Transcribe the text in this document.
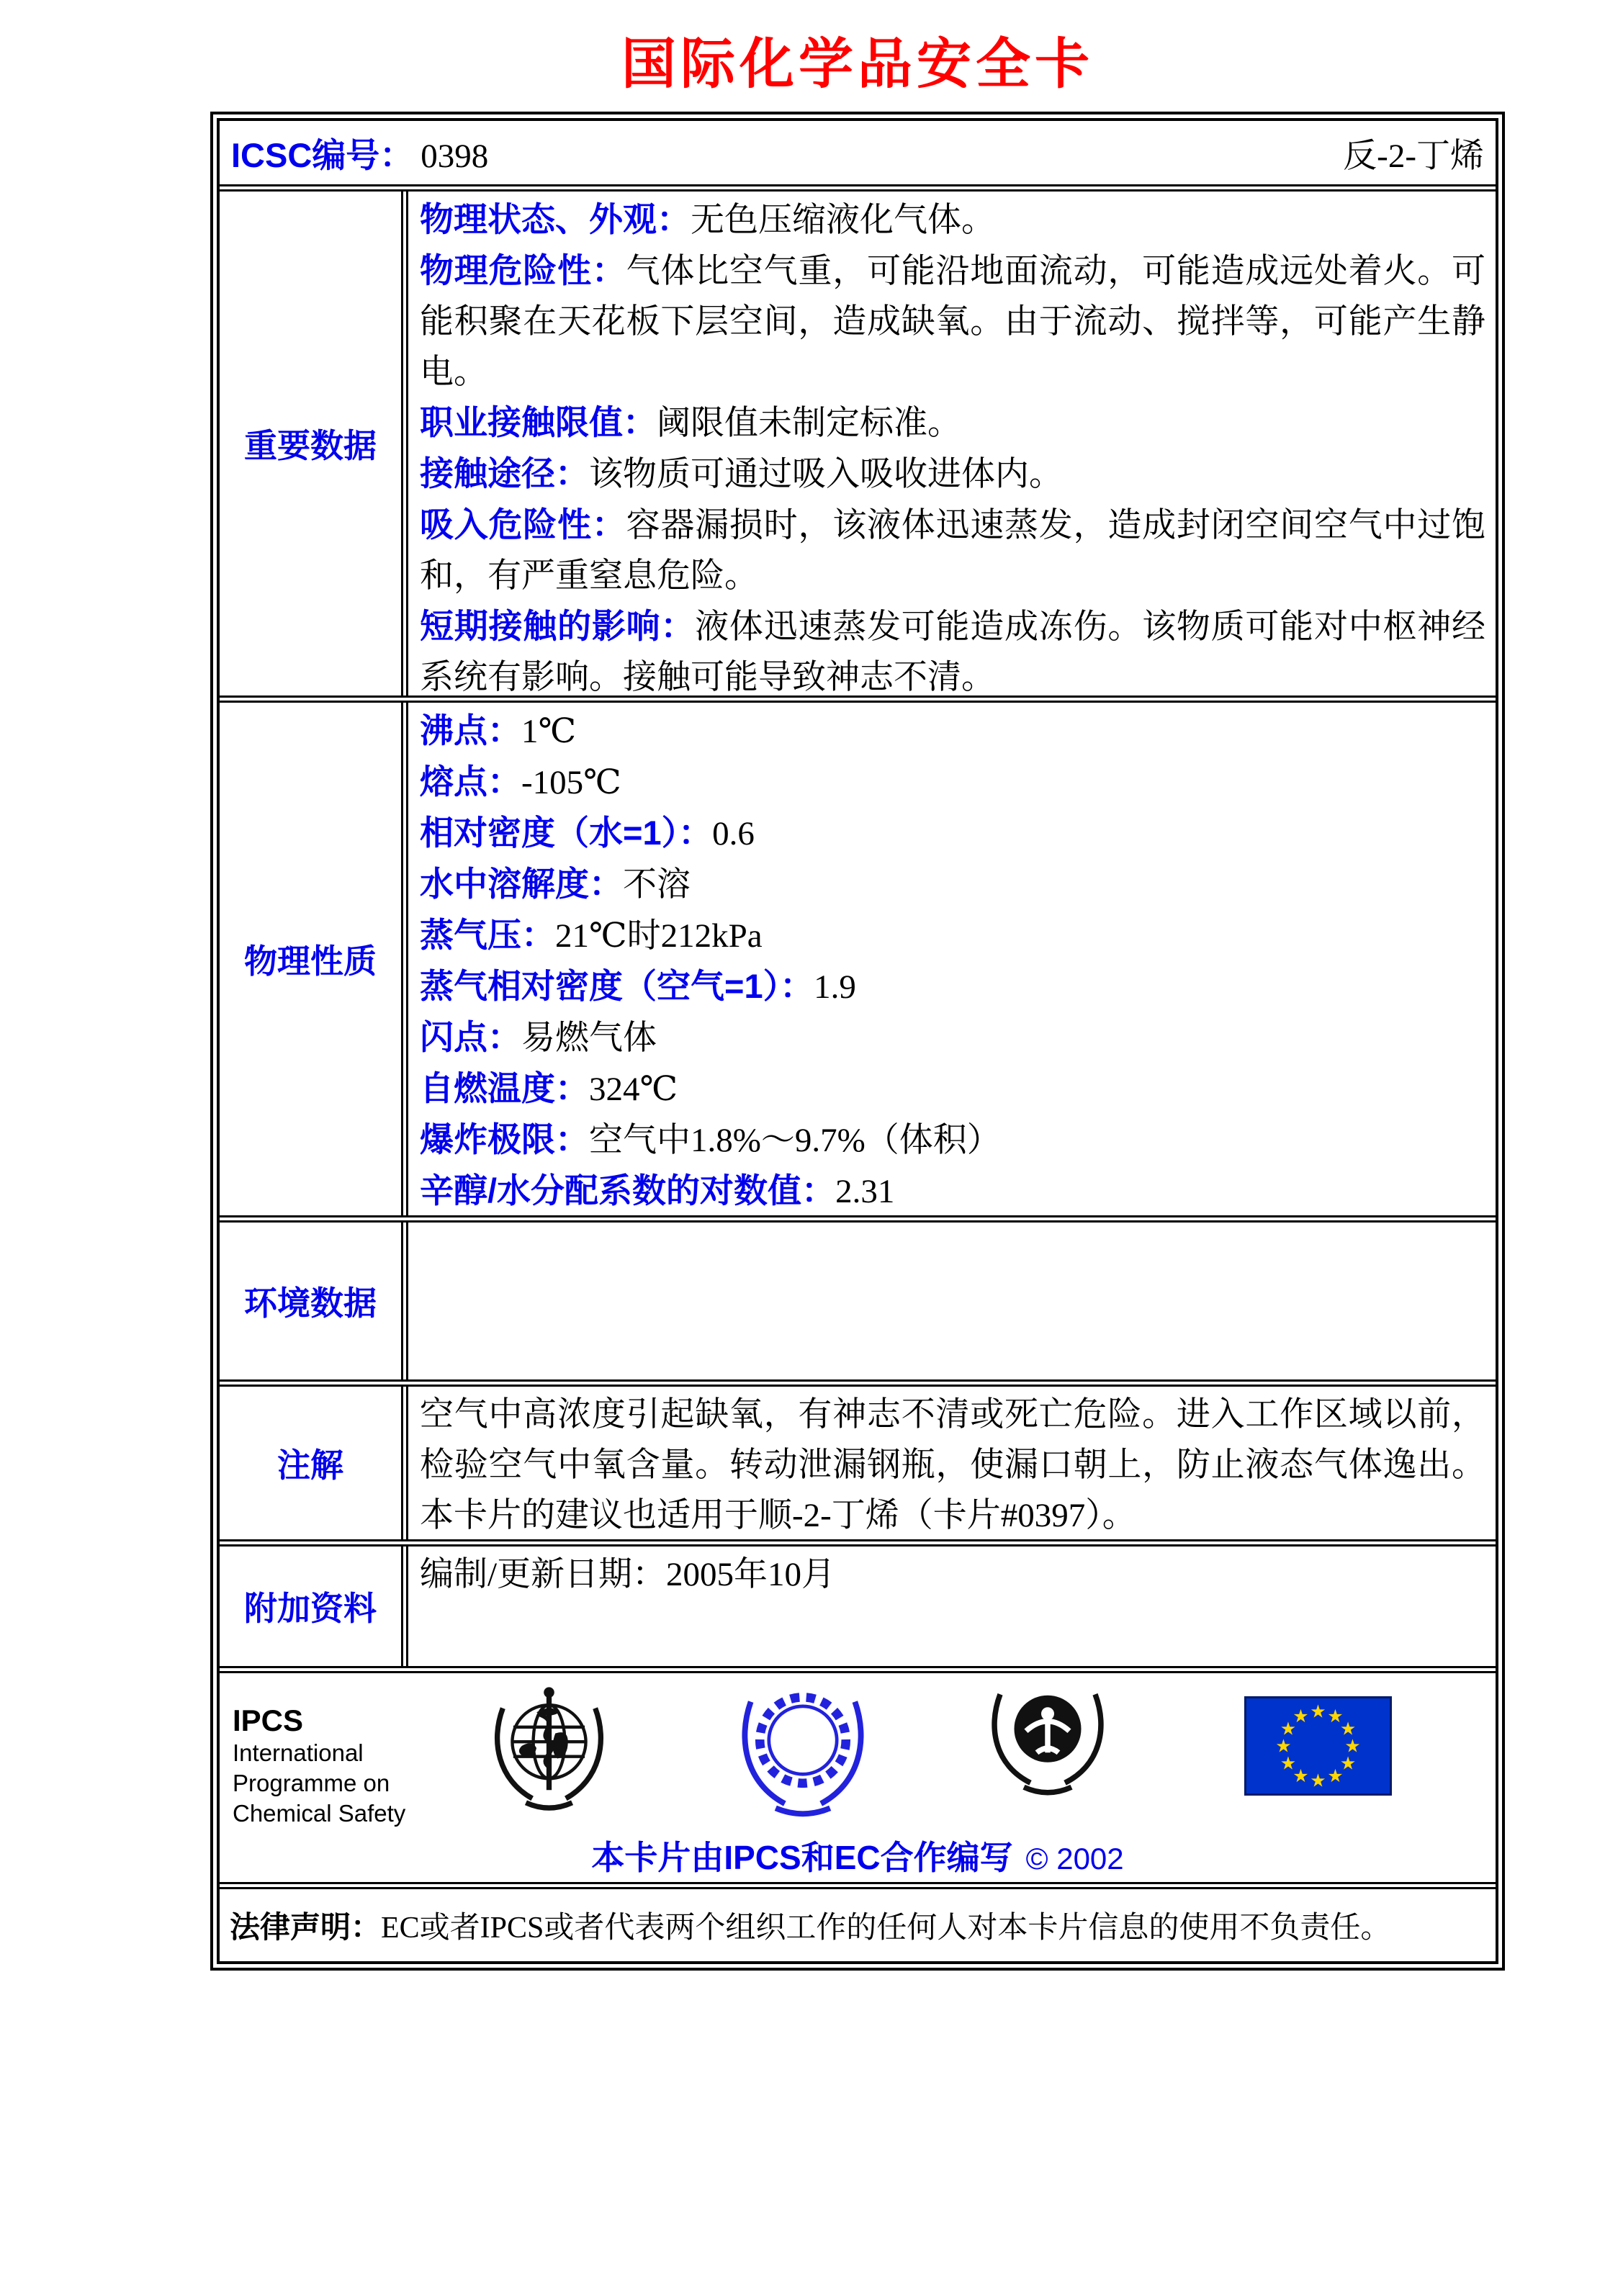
国际化学品安全卡
ICSC编号： 0398	反-2-丁烯
重要数据
物理状态、外观：无色压缩液化气体。
物理危险性：气体比空气重，可能沿地面流动，可能造成远处着火。可能积聚在天花板下层空间，造成缺氧。由于流动、搅拌等，可能产生静电。
职业接触限值：阈限值未制定标准。
接触途径：该物质可通过吸入吸收进体内。
吸入危险性：容器漏损时，该液体迅速蒸发，造成封闭空间空气中过饱和，有严重窒息危险。
短期接触的影响：液体迅速蒸发可能造成冻伤。该物质可能对中枢神经系统有影响。接触可能导致神志不清。
物理性质
沸点：1℃
熔点：-105℃
相对密度（水=1）：0.6
水中溶解度：不溶
蒸气压：21℃时212kPa
蒸气相对密度（空气=1）：1.9
闪点：易燃气体
自燃温度：324℃
爆炸极限：空气中1.8%～9.7%（体积）
辛醇/水分配系数的对数值：2.31
环境数据
注解
空气中高浓度引起缺氧，有神志不清或死亡危险。进入工作区域以前，检验空气中氧含量。转动泄漏钢瓶，使漏口朝上，防止液态气体逸出。本卡片的建议也适用于顺-2-丁烯（卡片#0397）。
附加资料
编制/更新日期：2005年10月
IPCS
International
Programme on
Chemical Safety
★ ★
★
★
★
★
★
★
★
★
★
★
本卡片由IPCS和EC合作编写 © 2002
法律声明： EC或者IPCS或者代表两个组织工作的任何人对本卡片信息的使用不负责任。
